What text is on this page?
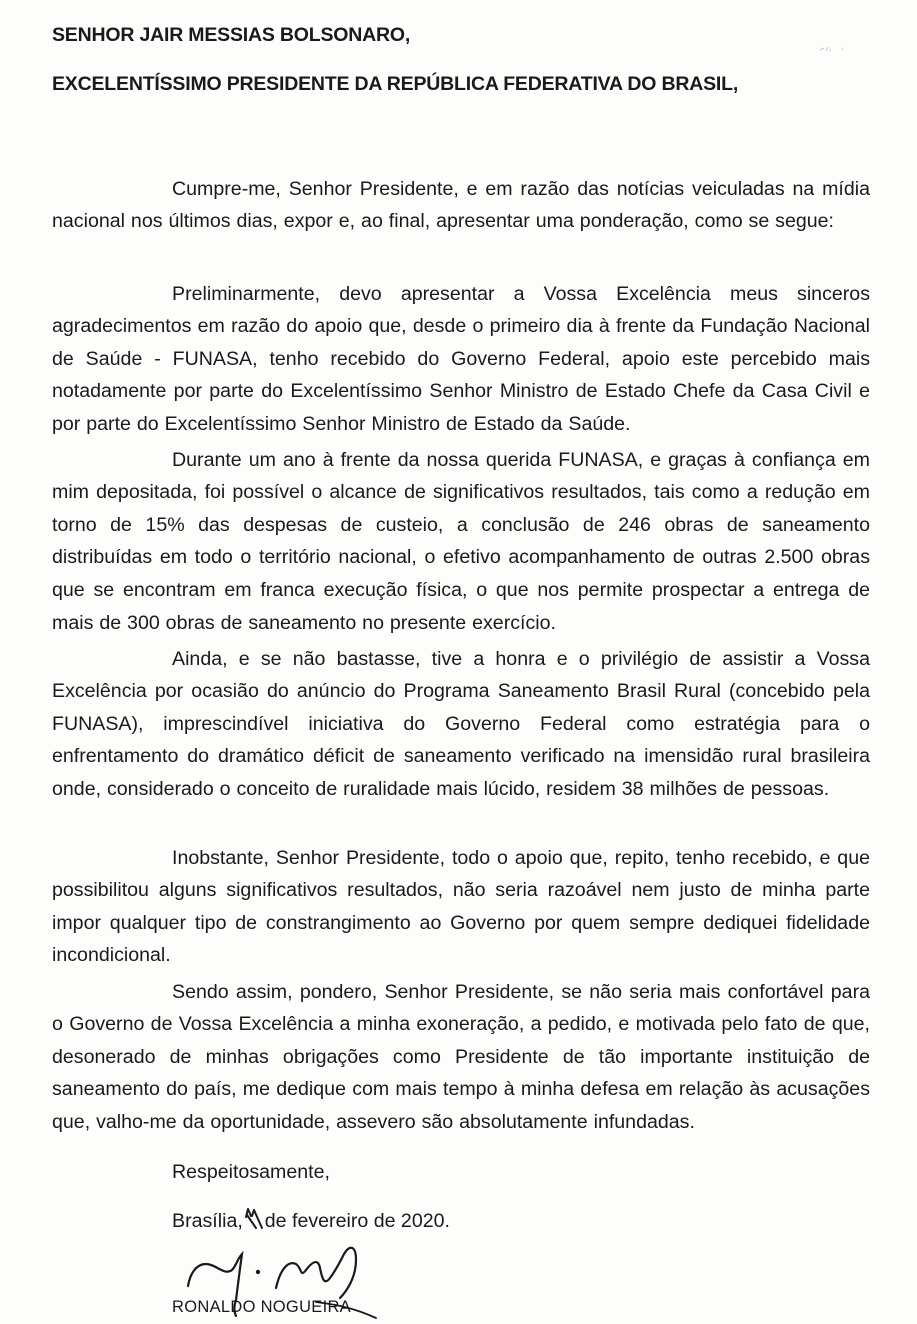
SENHOR JAIR MESSIAS BOLSONARO,
EXCELENTÍSSIMO PRESIDENTE DA REPÚBLICA FEDERATIVA DO BRASIL,

Cumpre-me, Senhor Presidente, e em razão das notícias veiculadas na mídia nacional nos últimos dias, expor e, ao final, apresentar uma ponderação, como se segue:

Preliminarmente, devo apresentar a Vossa Excelência meus sinceros agradecimentos em razão do apoio que, desde o primeiro dia à frente da Fundação Nacional de Saúde - FUNASA, tenho recebido do Governo Federal, apoio este percebido mais notadamente por parte do Excelentíssimo Senhor Ministro de Estado Chefe da Casa Civil e por parte do Excelentíssimo Senhor Ministro de Estado da Saúde.

Durante um ano à frente da nossa querida FUNASA, e graças à confiança em mim depositada, foi possível o alcance de significativos resultados, tais como a redução em torno de 15% das despesas de custeio, a conclusão de 246 obras de saneamento distribuídas em todo o território nacional, o efetivo acompanhamento de outras 2.500 obras que se encontram em franca execução física, o que nos permite prospectar a entrega de mais de 300 obras de saneamento no presente exercício.

Ainda, e se não bastasse, tive a honra e o privilégio de assistir a Vossa Excelência por ocasião do anúncio do Programa Saneamento Brasil Rural (concebido pela FUNASA), imprescindível iniciativa do Governo Federal como estratégia para o enfrentamento do dramático déficit de saneamento verificado na imensidão rural brasileira onde, considerado o conceito de ruralidade mais lúcido, residem 38 milhões de pessoas.

Inobstante, Senhor Presidente, todo o apoio que, repito, tenho recebido, e que possibilitou alguns significativos resultados, não seria razoável nem justo de minha parte impor qualquer tipo de constrangimento ao Governo por quem sempre dediquei fidelidade incondicional.

Sendo assim, pondero, Senhor Presidente, se não seria mais confortável para o Governo de Vossa Excelência a minha exoneração, a pedido, e motivada pelo fato de que, desonerado de minhas obrigações como Presidente de tão importante instituição de saneamento do país, me dedique com mais tempo à minha defesa em relação às acusações que, valho-me da oportunidade, assevero são absolutamente infundadas.

Respeitosamente,
Brasília, de fevereiro de 2020.
RONALDO NOGUEIRA
